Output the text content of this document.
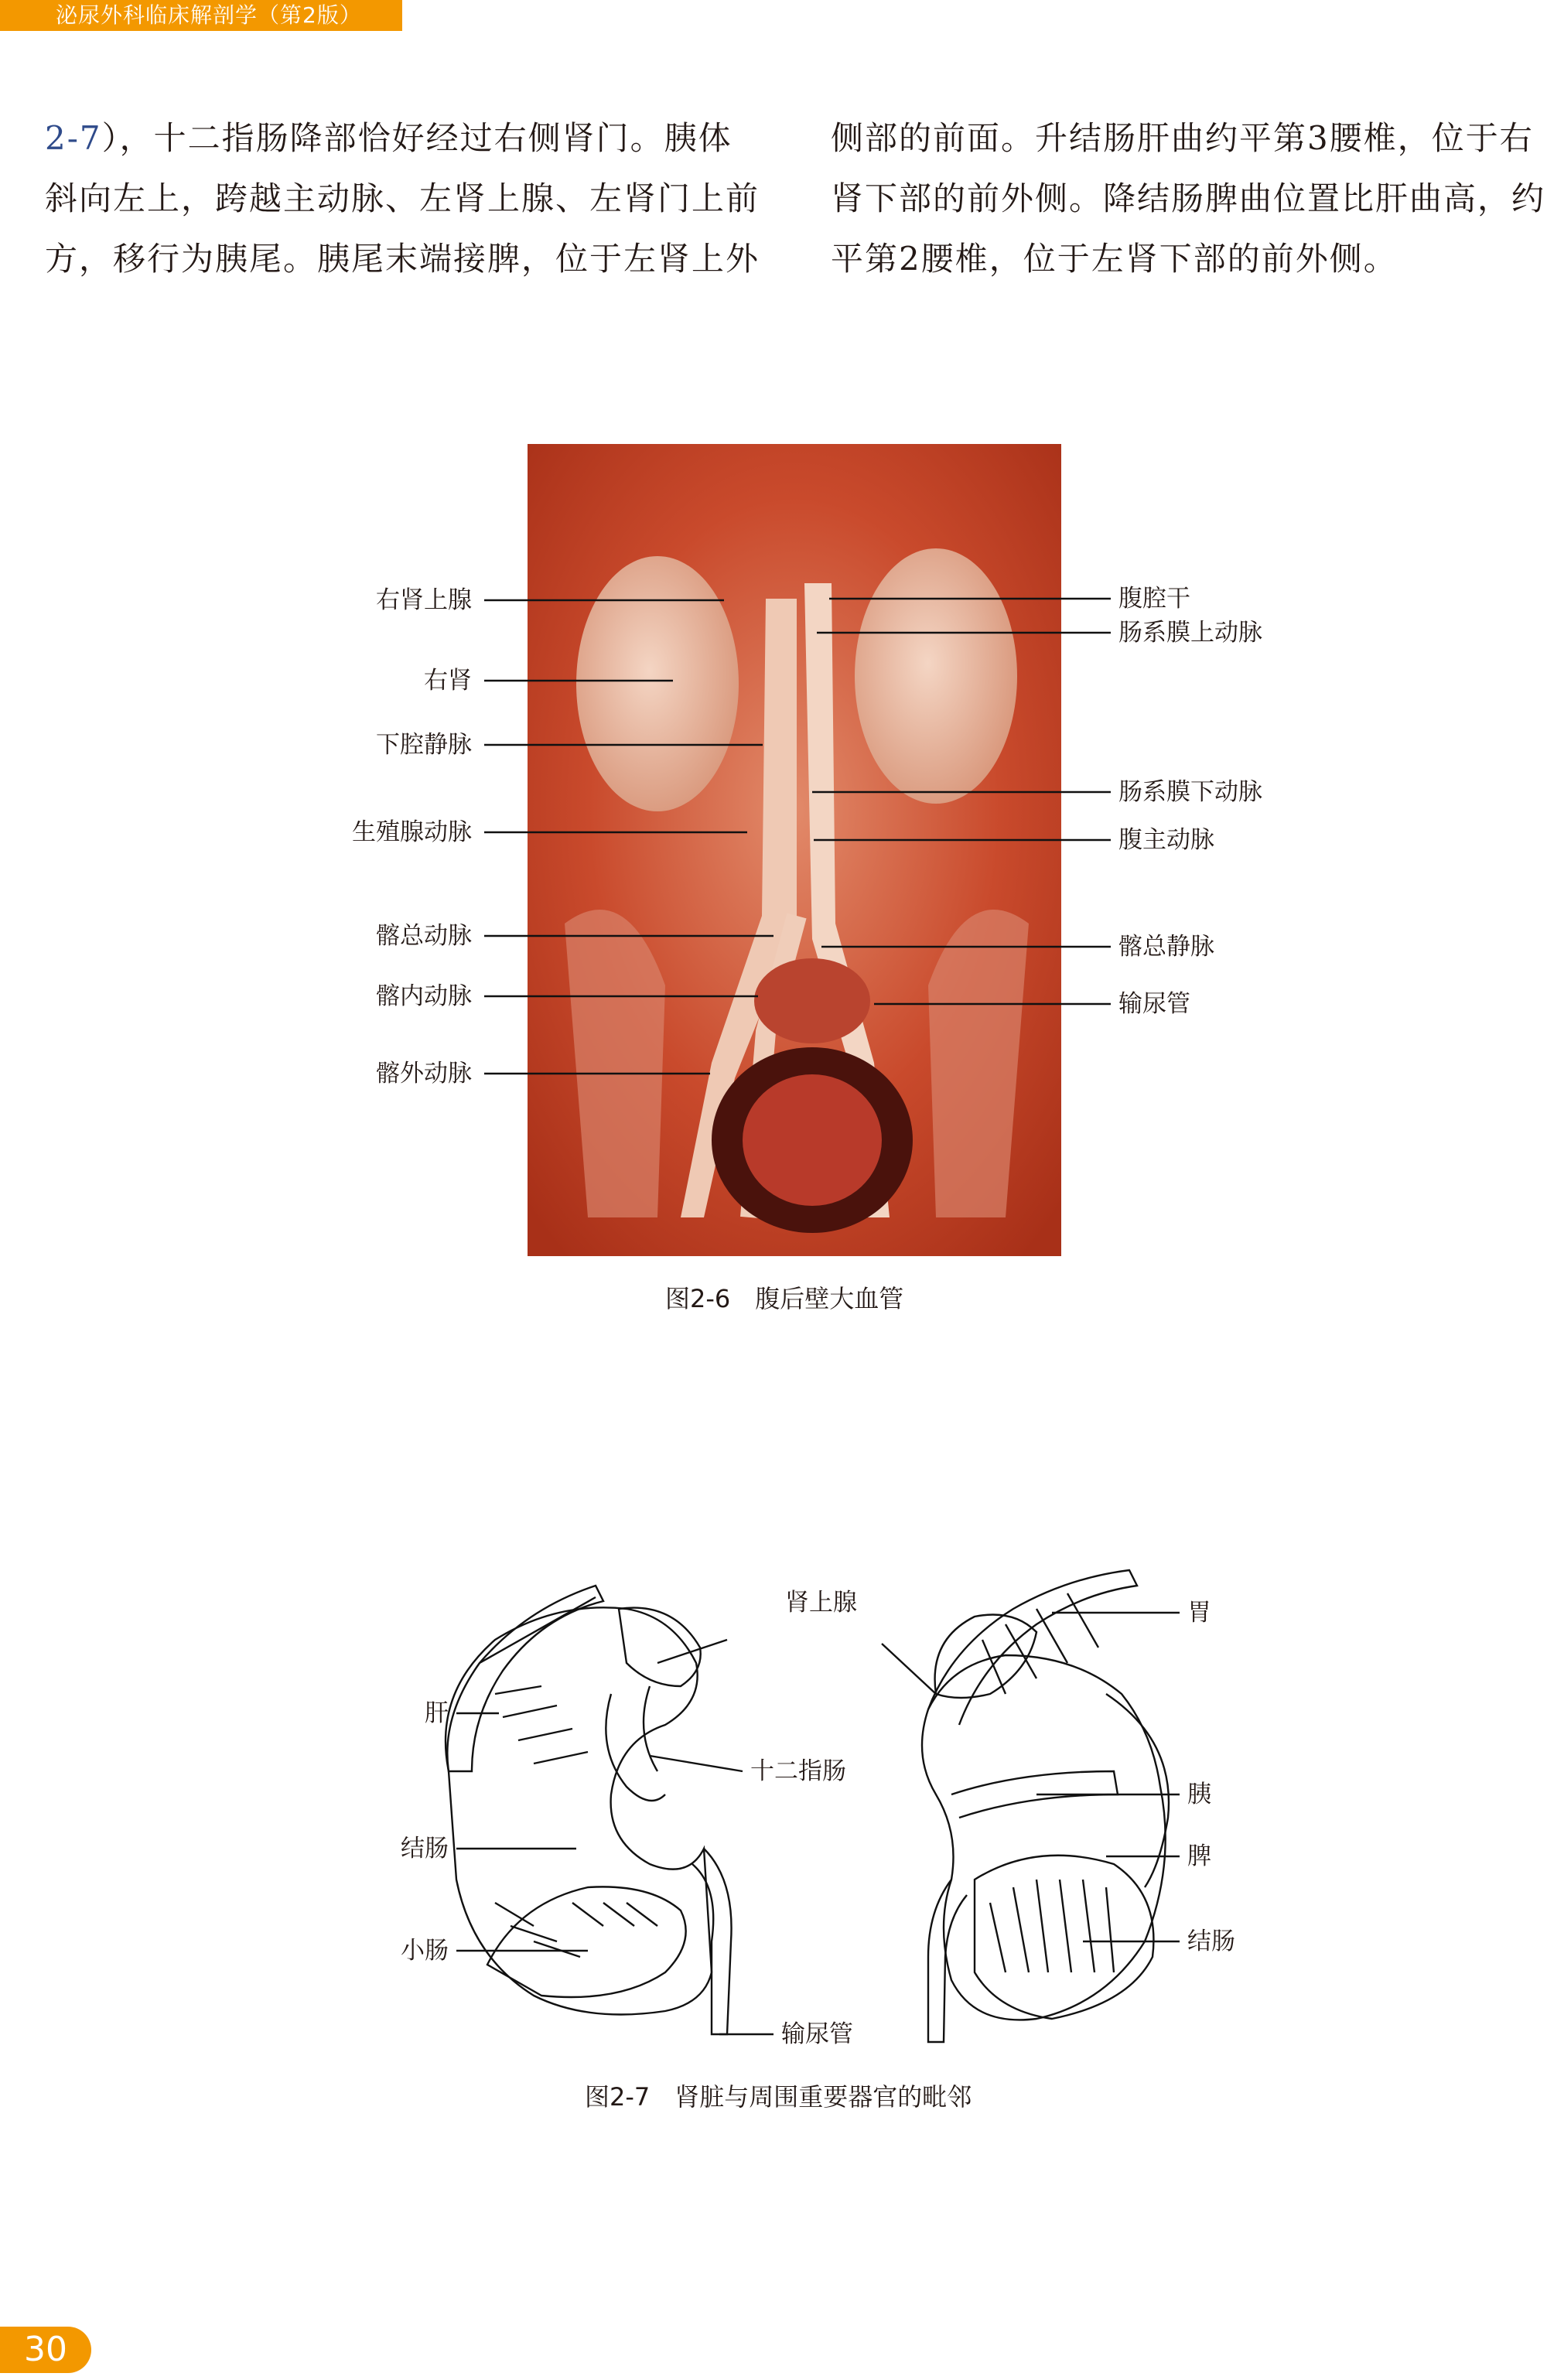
泌尿外科临床解剖学（第2版）
2-7），十二指肠降部恰好经过右侧肾门。胰体斜向左上，跨越主动脉、左肾上腺、左肾门上前方，移行为胰尾。胰尾末端接脾，位于左肾上外
侧部的前面。升结肠肝曲约平第3腰椎，位于右肾下部的前外侧。降结肠脾曲位置比肝曲高，约平第2腰椎，位于左肾下部的前外侧。
右肾上腺
右肾
下腔静脉
生殖腺动脉
髂总动脉
髂内动脉
髂外动脉
腹腔干
肠系膜上动脉
肠系膜下动脉
腹主动脉
髂总静脉
输尿管
图2-6　腹后壁大血管
肾上腺
肝
十二指肠
结肠
小肠
输尿管
胃
胰
脾
结肠
图2-7　肾脏与周围重要器官的毗邻
30
